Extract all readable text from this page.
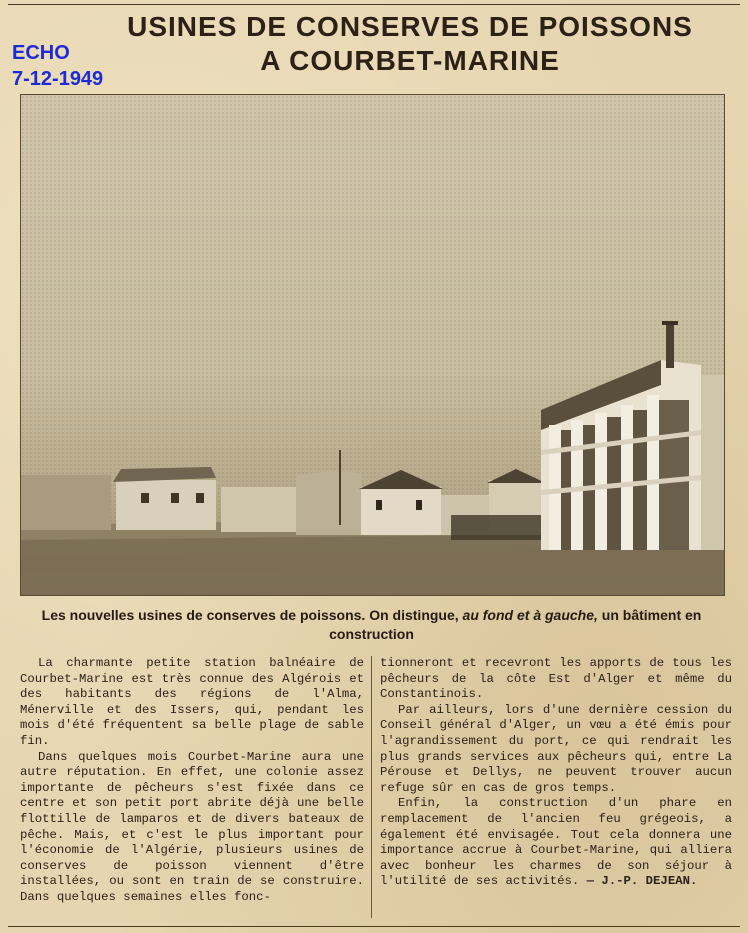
ECHO
7-12-1949
USINES DE CONSERVES DE POISSONS
A COURBET-MARINE
Les nouvelles usines de conserves de poissons. On distingue, au fond et à gauche, un bâtiment en construction

La charmante petite station balnéaire de Courbet-Marine est très connue des Algérois et des habitants des régions de l'Alma, Ménerville et des Issers, qui, pendant les mois d'été fréquentent sa belle plage de sable fin.

Dans quelques mois Courbet-Marine aura une autre réputation. En effet, une colonie assez importante de pêcheurs s'est fixée dans ce centre et son petit port abrite déjà une belle flottille de lamparos et de divers bateaux de pêche. Mais, et c'est le plus important pour l'économie de l'Algérie, plusieurs usines de conserves de poisson viennent d'être installées, ou sont en train de se construire. Dans quelques semaines elles fonc-

tionneront et recevront les apports de tous les pêcheurs de la côte Est d'Alger et même du Constantinois.

Par ailleurs, lors d'une dernière cession du Conseil général d'Alger, un vœu a été émis pour l'agrandissement du port, ce qui rendrait les plus grands services aux pêcheurs qui, entre La Pérouse et Dellys, ne peuvent trouver aucun refuge sûr en cas de gros temps.

Enfin, la construction d'un phare en remplacement de l'ancien feu grégeois, a également été envisagée. Tout cela donnera une importance accrue à Courbet-Marine, qui alliera avec bonheur les charmes de son séjour à l'utilité de ses activités. — J.-P. DEJEAN.
